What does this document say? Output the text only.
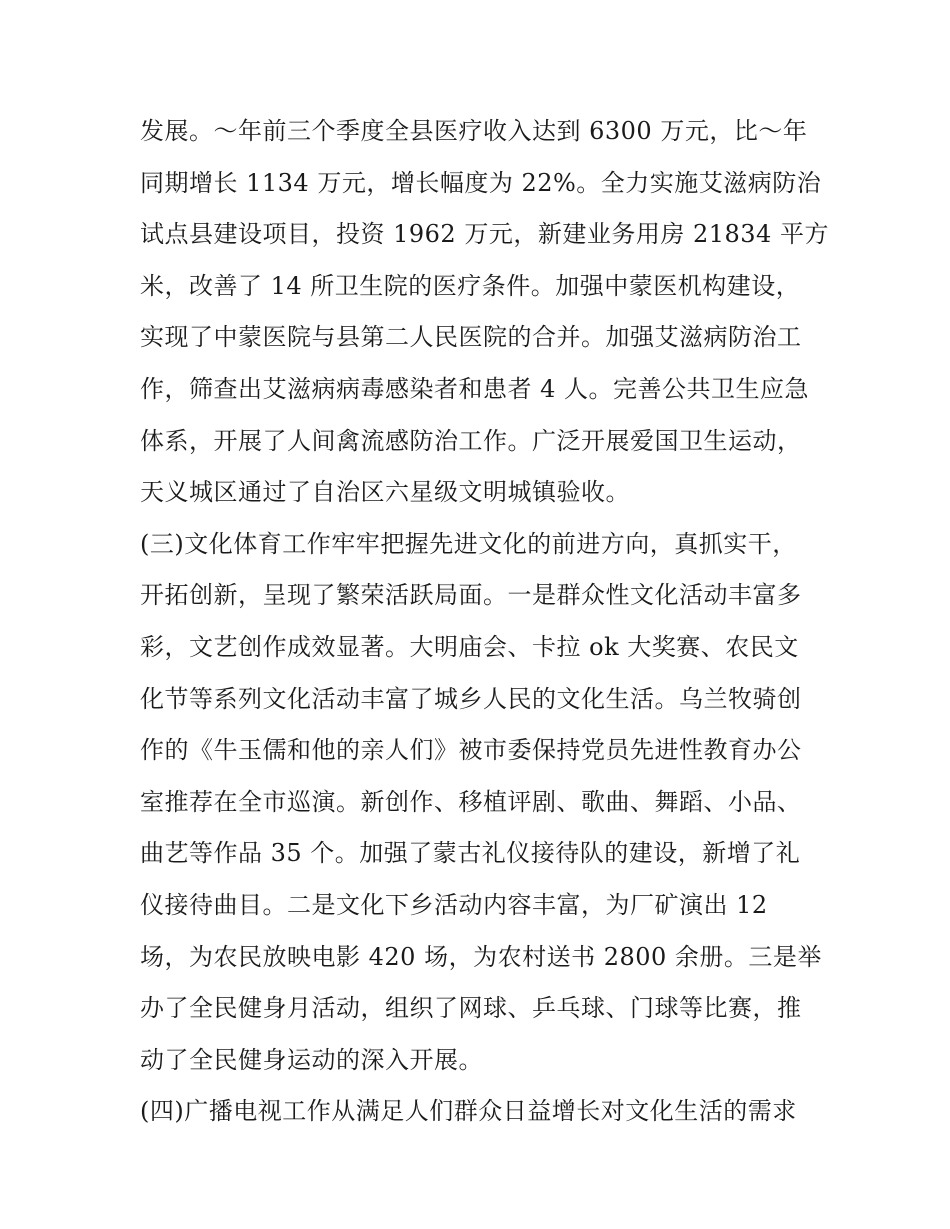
发展。～年前三个季度全县医疗收入达到 6300 万元，比～年
同期增长 1134 万元，增长幅度为 22%。全力实施艾滋病防治
试点县建设项目，投资 1962 万元，新建业务用房 21834 平方
米，改善了 14 所卫生院的医疗条件。加强中蒙医机构建设，
实现了中蒙医院与县第二人民医院的合并。加强艾滋病防治工
作，筛查出艾滋病病毒感染者和患者 4 人。完善公共卫生应急
体系，开展了人间禽流感防治工作。广泛开展爱国卫生运动，
天义城区通过了自治区六星级文明城镇验收。
(三)文化体育工作牢牢把握先进文化的前进方向，真抓实干，
开拓创新，呈现了繁荣活跃局面。一是群众性文化活动丰富多
彩，文艺创作成效显著。大明庙会、卡拉 ok 大奖赛、农民文
化节等系列文化活动丰富了城乡人民的文化生活。乌兰牧骑创
作的《牛玉儒和他的亲人们》被市委保持党员先进性教育办公
室推荐在全市巡演。新创作、移植评剧、歌曲、舞蹈、小品、
曲艺等作品 35 个。加强了蒙古礼仪接待队的建设，新增了礼
仪接待曲目。二是文化下乡活动内容丰富，为厂矿演出 12
场，为农民放映电影 420 场，为农村送书 2800 余册。三是举
办了全民健身月活动，组织了网球、乒乓球、门球等比赛，推
动了全民健身运动的深入开展。
(四)广播电视工作从满足人们群众日益增长对文化生活的需求
